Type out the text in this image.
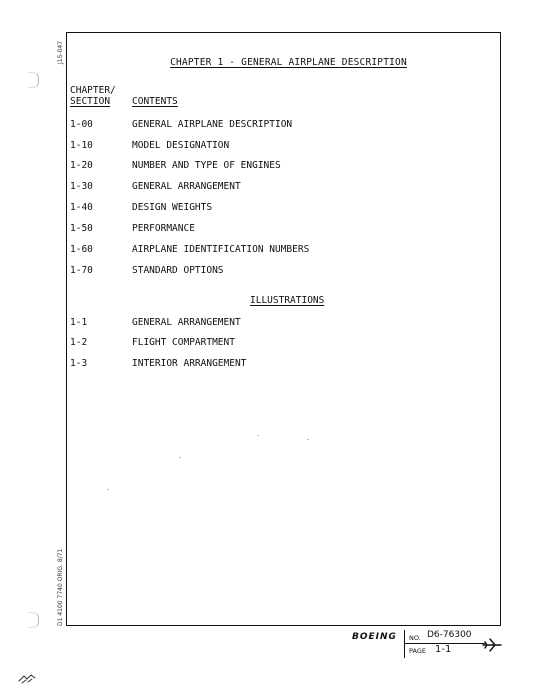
J15-047
D1 4100 7740 ORIG. 8/71
CHAPTER 1 - GENERAL AIRPLANE DESCRIPTION
CHAPTER/
SECTION	CONTENTS
1-00	GENERAL AIRPLANE DESCRIPTION
1-10	MODEL DESIGNATION
1-20	NUMBER AND TYPE OF ENGINES
1-30	GENERAL ARRANGEMENT
1-40	DESIGN WEIGHTS
1-50	PERFORMANCE
1-60	AIRPLANE IDENTIFICATION NUMBERS
1-70	STANDARD OPTIONS
ILLUSTRATIONS
1-1	GENERAL ARRANGEMENT
1-2	FLIGHT COMPARTMENT
1-3	INTERIOR ARRANGEMENT
BOEING NO. D6-76300
PAGE 1-1
